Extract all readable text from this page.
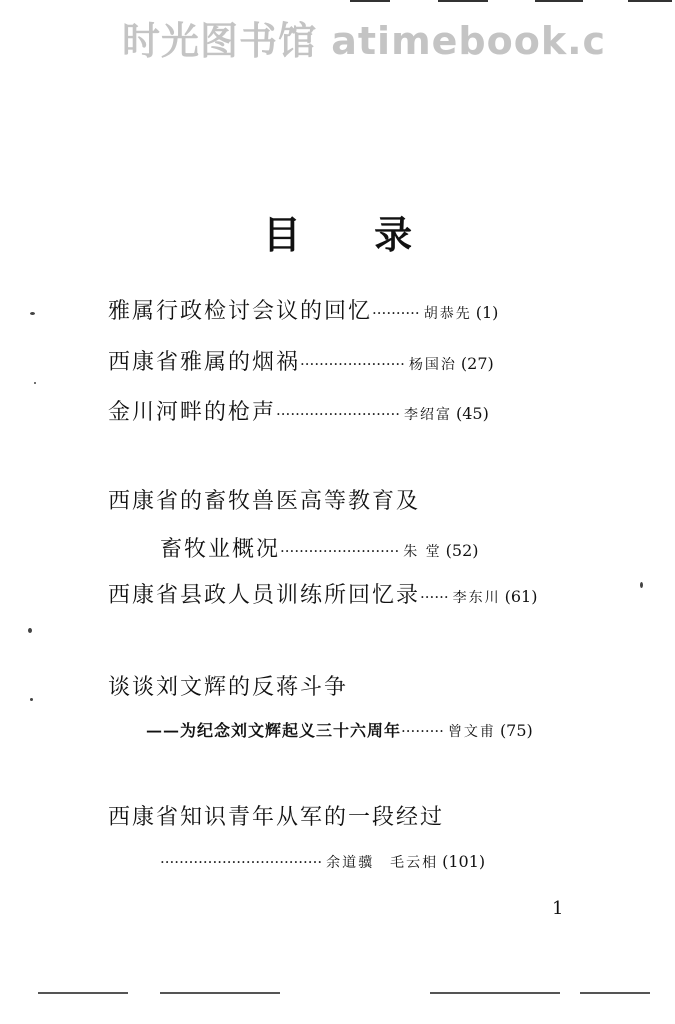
时光图书馆 atimebook.c
目 录
雅属行政检讨会议的回忆·········· 胡恭先 (1)
西康省雅属的烟祸······················ 杨国治 (27)
金川河畔的枪声·························· 李绍富 (45)
西康省的畜牧兽医高等教育及
畜牧业概况························· 朱 堂 (52)
西康省县政人员训练所回忆录······ 李东川 (61)
谈谈刘文辉的反蒋斗争
——为纪念刘文辉起义三十六周年········· 曾文甫 (75)
西康省知识青年从军的一段经过
·································· 余道骥　毛云相 (101)
1
